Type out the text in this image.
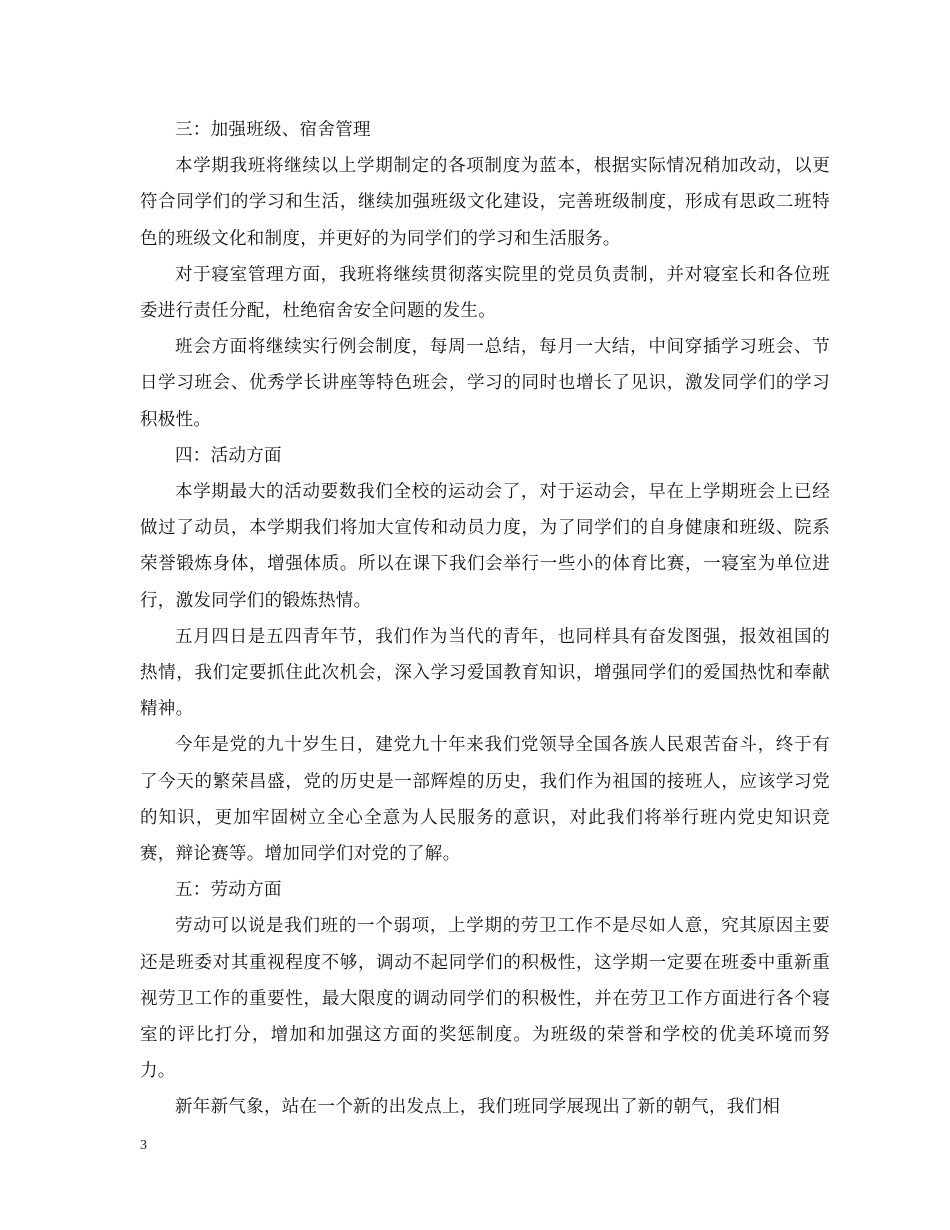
三：加强班级、宿舍管理

本学期我班将继续以上学期制定的各项制度为蓝本，根据实际情况稍加改动，以更符合同学们的学习和生活，继续加强班级文化建设，完善班级制度，形成有思政二班特色的班级文化和制度，并更好的为同学们的学习和生活服务。

对于寝室管理方面，我班将继续贯彻落实院里的党员负责制，并对寝室长和各位班委进行责任分配，杜绝宿舍安全问题的发生。

班会方面将继续实行例会制度，每周一总结，每月一大结，中间穿插学习班会、节日学习班会、优秀学长讲座等特色班会，学习的同时也增长了见识，激发同学们的学习积极性。

四：活动方面

本学期最大的活动要数我们全校的运动会了，对于运动会，早在上学期班会上已经做过了动员，本学期我们将加大宣传和动员力度，为了同学们的自身健康和班级、院系荣誉锻炼身体，增强体质。所以在课下我们会举行一些小的体育比赛，一寝室为单位进行，激发同学们的锻炼热情。

五月四日是五四青年节，我们作为当代的青年，也同样具有奋发图强，报效祖国的热情，我们定要抓住此次机会，深入学习爱国教育知识，增强同学们的爱国热忱和奉献精神。

今年是党的九十岁生日，建党九十年来我们党领导全国各族人民艰苦奋斗，终于有了今天的繁荣昌盛，党的历史是一部辉煌的历史，我们作为祖国的接班人，应该学习党的知识，更加牢固树立全心全意为人民服务的意识，对此我们将举行班内党史知识竞赛，辩论赛等。增加同学们对党的了解。

五：劳动方面

劳动可以说是我们班的一个弱项，上学期的劳卫工作不是尽如人意，究其原因主要还是班委对其重视程度不够，调动不起同学们的积极性，这学期一定要在班委中重新重视劳卫工作的重要性，最大限度的调动同学们的积极性，并在劳卫工作方面进行各个寝室的评比打分，增加和加强这方面的奖惩制度。为班级的荣誉和学校的优美环境而努力。

新年新气象，站在一个新的出发点上，我们班同学展现出了新的朝气，我们相

3
